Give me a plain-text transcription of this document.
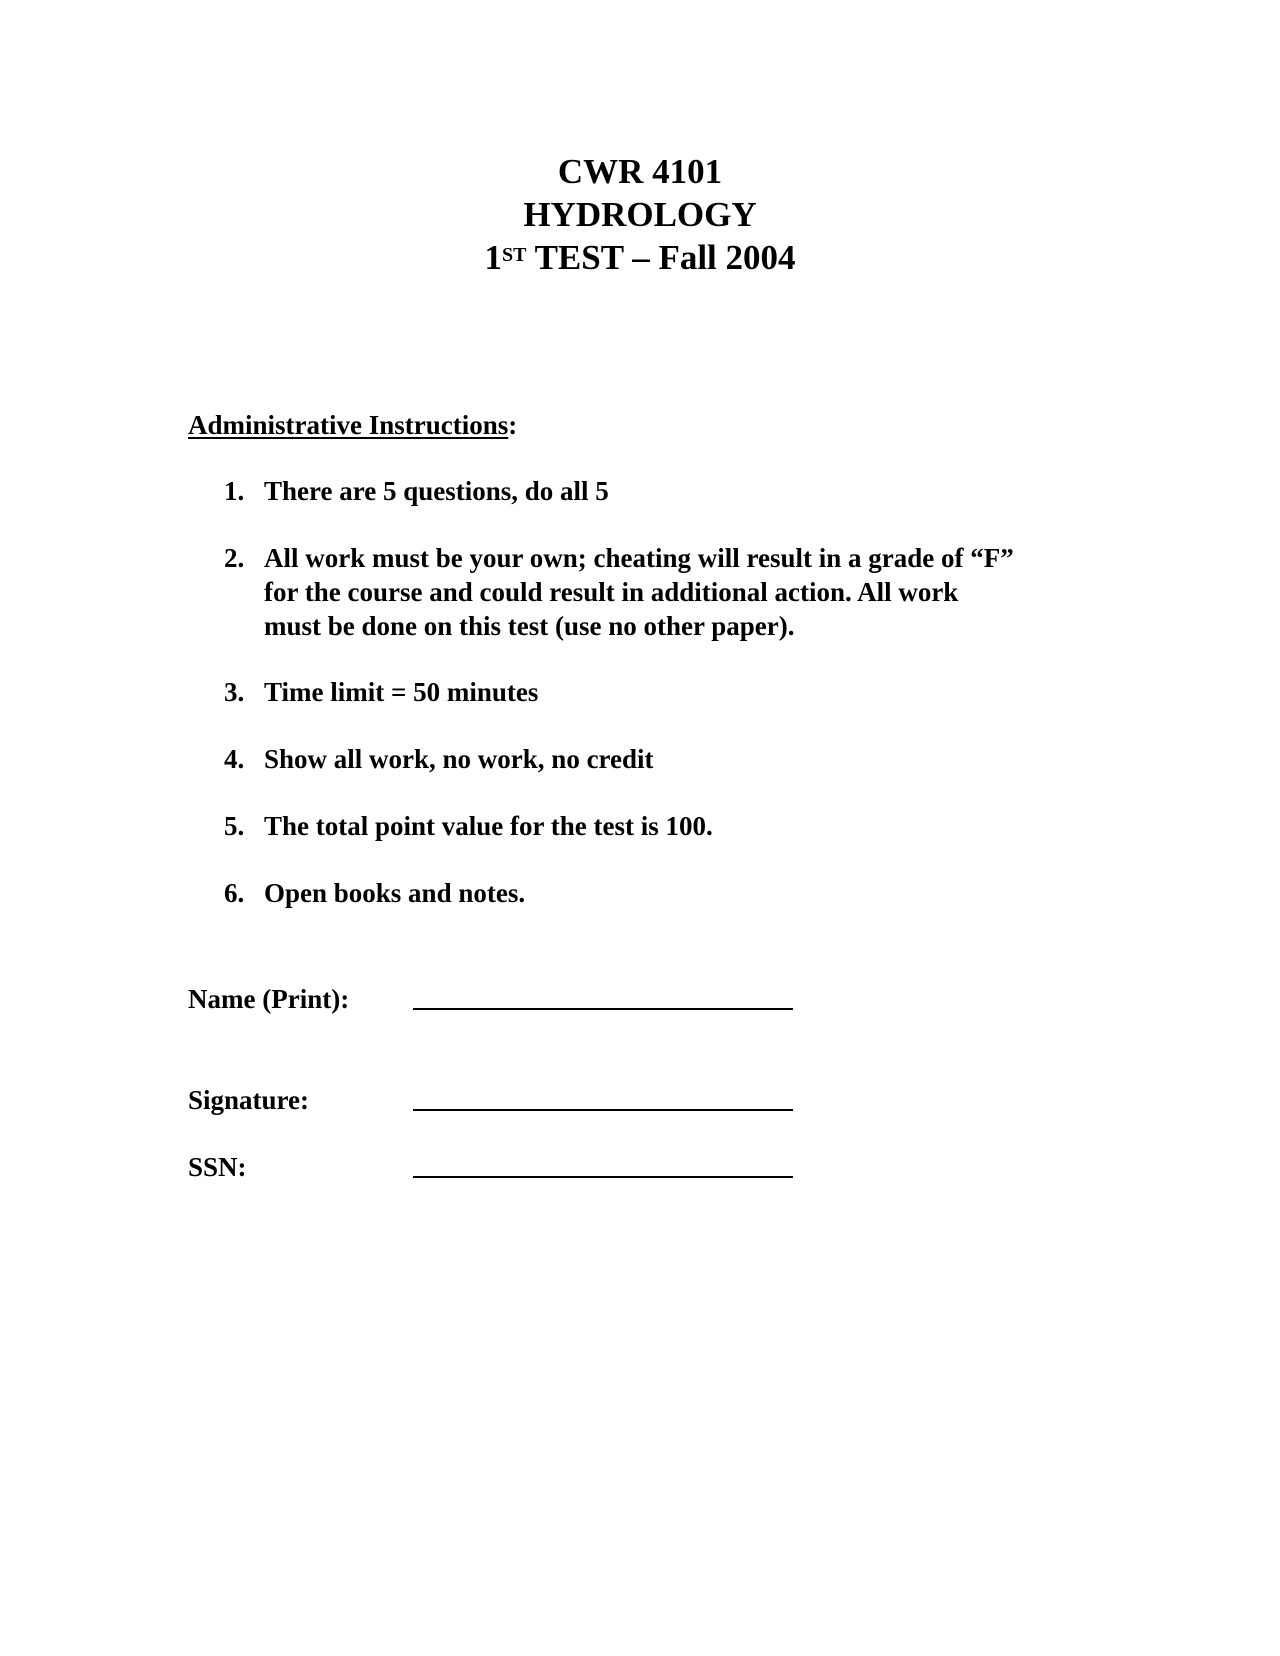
CWR 4101
HYDROLOGY
1ST TEST – Fall 2004
Administrative Instructions:
1. There are 5 questions, do all 5
2. All work must be your own; cheating will result in a grade of “F”
for the course and could result in additional action. All work
must be done on this test (use no other paper).
3. Time limit = 50 minutes
4. Show all work, no work, no credit
5. The total point value for the test is 100.
6. Open books and notes.
Name (Print):
Signature:
SSN:
